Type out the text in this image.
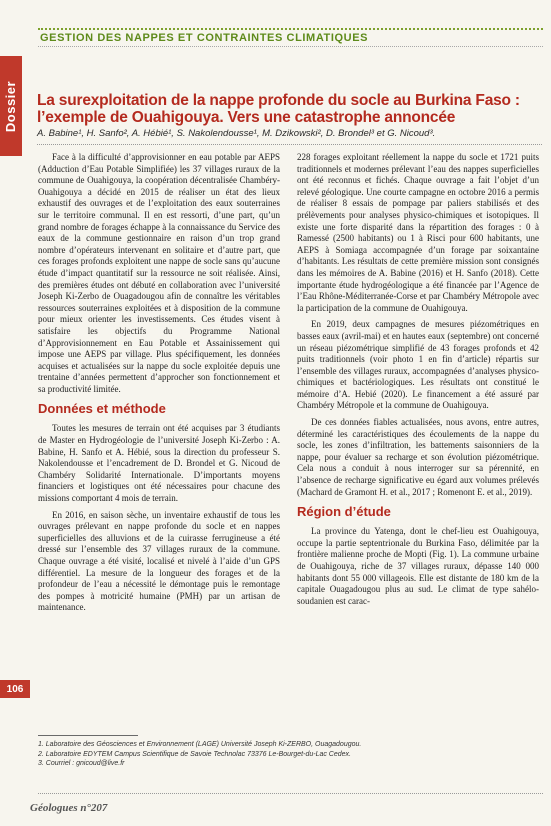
GESTION DES NAPPES ET CONTRAINTES CLIMATIQUES
Dossier La surexploitation de la nappe profonde du socle au Burkina Faso : l’exemple de Ouahigouya. Vers une catastrophe annoncée
A. Babine¹, H. Sanfo², A. Hébié¹, S. Nakolendousse¹, M. Dzikowski², D. Brondel³ et G. Nicoud³.

Face à la difficulté d’approvisionner en eau potable par AEPS (Adduction d’Eau Potable Simplifiée) les 37 villages ruraux de la commune de Ouahigouya, la coopération décentralisée Chambéry-Ouahigouya a décidé en 2015 de réaliser un état des lieux exhaustif des ouvrages et de l’exploitation des eaux souterraines sur le territoire communal. Il en est ressorti, d’une part, qu’un grand nombre de forages échappe à la connaissance du Service des eaux de la commune gestionnaire en raison d’un trop grand nombre d’opérateurs intervenant en solitaire et d’autre part, que ces forages profonds exploitent une nappe de socle sans qu’aucune étude d’impact quantitatif sur la ressource ne soit réalisée. Ainsi, des premières études ont débuté en collaboration avec l’université Joseph Ki-Zerbo de Ouagadougou afin de connaître les véritables ressources souterraines exploitées et à disposition de la commune pour mieux orienter les investissements. Ces études visent à satisfaire les objectifs du Programme National d’Approvisionnement en Eau Potable et Assainissement qui impose une AEPS par village. Plus spécifiquement, les données acquises et actualisées sur la nappe du socle exploitée depuis une trentaine d’années permettent d’approcher son fonctionnement et sa productivité limitée.

Données et méthode

Toutes les mesures de terrain ont été acquises par 3 étudiants de Master en Hydrogéologie de l’université Joseph Ki-Zerbo : A. Babine, H. Sanfo et A. Hébié, sous la direction du professeur S. Nakolendousse et l’encadrement de D. Brondel et G. Nicoud de Chambéry Solidarité Internationale. D’importants moyens financiers et logistiques ont été nécessaires pour chacune des missions comportant 4 mois de terrain.

En 2016, en saison sèche, un inventaire exhaustif de tous les ouvrages prélevant en nappe profonde du socle et en nappes superficielles des alluvions et de la cuirasse ferrugineuse a été dressé sur l’ensemble des 37 villages ruraux de la commune. Chaque ouvrage a été visité, localisé et nivelé à l’aide d’un GPS différentiel. La mesure de la longueur des forages et de la profondeur de l’eau a nécessité le démontage puis le remontage des pompes à motricité humaine (PMH) par un artisan de maintenance.

228 forages exploitant réellement la nappe du socle et 1721 puits traditionnels et modernes prélevant l’eau des nappes superficielles ont été reconnus et fichés. Chaque ouvrage a fait l’objet d’un relevé géologique. Une courte campagne en octobre 2016 a permis de réaliser 8 essais de pompage par paliers stabilisés et des prélèvements pour analyses physico-chimiques et isotopiques. Il existe une forte disparité dans la répartition des forages : 0 à Ramessé (2500 habitants) ou 1 à Risci pour 600 habitants, une AEPS à Somiaga accompagnée d’un forage par soixantaine d’habitants. Les résultats de cette première mission sont consignés dans les mémoires de A. Babine (2016) et H. Sanfo (2018). Cette importante étude hydrogéologique a été financée par l’Agence de l’Eau Rhône-Méditerranée-Corse et par Chambéry Métropole avec la participation de la commune de Ouahigouya.

En 2019, deux campagnes de mesures piézométriques en basses eaux (avril-mai) et en hautes eaux (septembre) ont concerné un réseau piézométrique simplifié de 43 forages profonds et 42 puits traditionnels (voir photo 1 en fin d’article) répartis sur l’ensemble des villages ruraux, accompagnées d’analyses physico-chimiques et bactériologiques. Les résultats ont constitué le mémoire d’A. Hebié (2020). Le financement a été assuré par Chambéry Métropole et la commune de Ouahigouya.

De ces données fiables actualisées, nous avons, entre autres, déterminé les caractéristiques des écoulements de la nappe du socle, les zones d’infiltration, les battements saisonniers de la nappe, pour évaluer sa recharge et son évolution piézométrique. Cela nous a conduit à nous interroger sur sa pérennité, en l’absence de recharge significative eu égard aux volumes prélevés (Machard de Gramont H. et al., 2017 ; Romenont E. et al., 2019).

Région d’étude

La province du Yatenga, dont le chef-lieu est Ouahigouya, occupe la partie septentrionale du Burkina Faso, délimitée par la frontière malienne proche de Mopti (Fig. 1). La commune urbaine de Ouahigouya, riche de 37 villages ruraux, dépasse 140 000 habitants dont 55 000 villageois. Elle est distante de 180 km de la capitale Ouagadougou plus au sud. Le climat de type sahélo-soudanien est carac-

106
1. Laboratoire des Géosciences et Environnement (LAGE) Université Joseph Ki-ZERBO, Ouagadougou.
2. Laboratoire EDYTEM Campus Scientifique de Savoie Technolac 73376 Le-Bourget-du-Lac Cedex.
3. Courriel : gnicoud@live.fr
Géologues n°207
